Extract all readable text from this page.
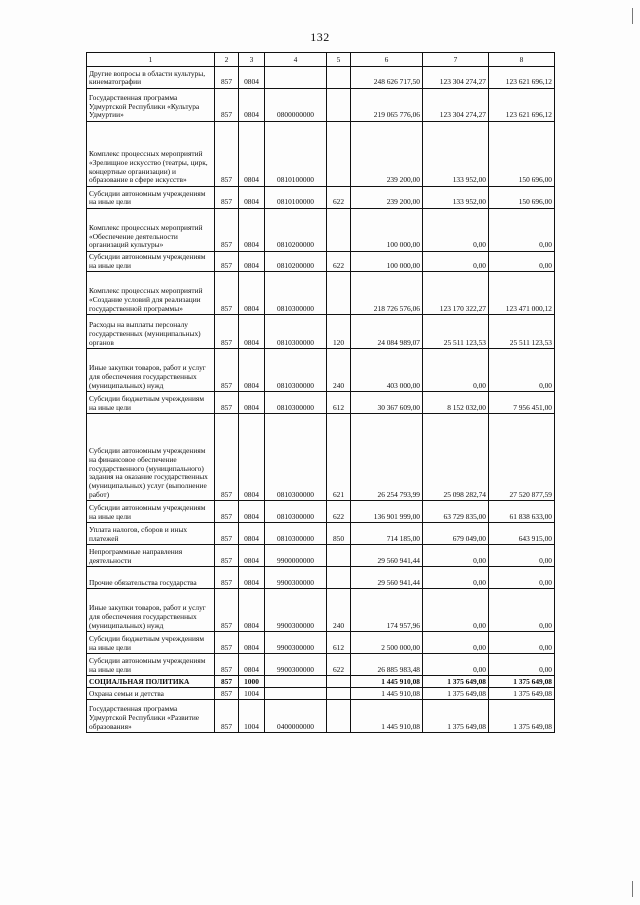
132
1	2	3	4	5	6	7	8
Другие вопросы в области культуры, кинематографии	857	0804			248 626 717,50	123 304 274,27	123 621 696,12
Государственная программа Удмуртской Республики «Культура Удмуртии»	857	0804	0800000000		219 065 776,06	123 304 274,27	123 621 696,12
Комплекс процессных мероприятий «Зрелищное искусство (театры, цирк, концертные организации) и образование в сфере искусств»	857	0804	0810100000		239 200,00	133 952,00	150 696,00
Субсидии автономным учреждениям на иные цели	857	0804	0810100000	622	239 200,00	133 952,00	150 696,00
Комплекс процессных мероприятий «Обеспечение деятельности организаций культуры»	857	0804	0810200000		100 000,00	0,00	0,00
Субсидии автономным учреждениям на иные цели	857	0804	0810200000	622	100 000,00	0,00	0,00
Комплекс процессных мероприятий «Создание условий для реализации государственной программы»	857	0804	0810300000		218 726 576,06	123 170 322,27	123 471 000,12
Расходы на выплаты персоналу государственных (муниципальных) органов	857	0804	0810300000	120	24 084 989,07	25 511 123,53	25 511 123,53
Иные закупки товаров, работ и услуг для обеспечения государственных (муниципальных) нужд	857	0804	0810300000	240	403 000,00	0,00	0,00
Субсидии бюджетным учреждениям на иные цели	857	0804	0810300000	612	30 367 609,00	8 152 032,00	7 956 451,00
Субсидии автономным учреждениям на финансовое обеспечение государственного (муниципального) задания на оказание государственных (муниципальных) услуг (выполнение работ)	857	0804	0810300000	621	26 254 793,99	25 098 282,74	27 520 877,59
Субсидии автономным учреждениям на иные цели	857	0804	0810300000	622	136 901 999,00	63 729 835,00	61 838 633,00
Уплата налогов, сборов и иных платежей	857	0804	0810300000	850	714 185,00	679 049,00	643 915,00
Непрограммные направления деятельности	857	0804	9900000000		29 560 941,44	0,00	0,00
Прочие обязательства государства	857	0804	9900300000		29 560 941,44	0,00	0,00
Иные закупки товаров, работ и услуг для обеспечения государственных (муниципальных) нужд	857	0804	9900300000	240	174 957,96	0,00	0,00
Субсидии бюджетным учреждениям на иные цели	857	0804	9900300000	612	2 500 000,00	0,00	0,00
Субсидии автономным учреждениям на иные цели	857	0804	9900300000	622	26 885 983,48	0,00	0,00
СОЦИАЛЬНАЯ ПОЛИТИКА	857	1000			1 445 910,08	1 375 649,08	1 375 649,08
Охрана семьи и детства	857	1004			1 445 910,08	1 375 649,08	1 375 649,08
Государственная программа Удмуртской Республики «Развитие образования»	857	1004	0400000000		1 445 910,08	1 375 649,08	1 375 649,08
